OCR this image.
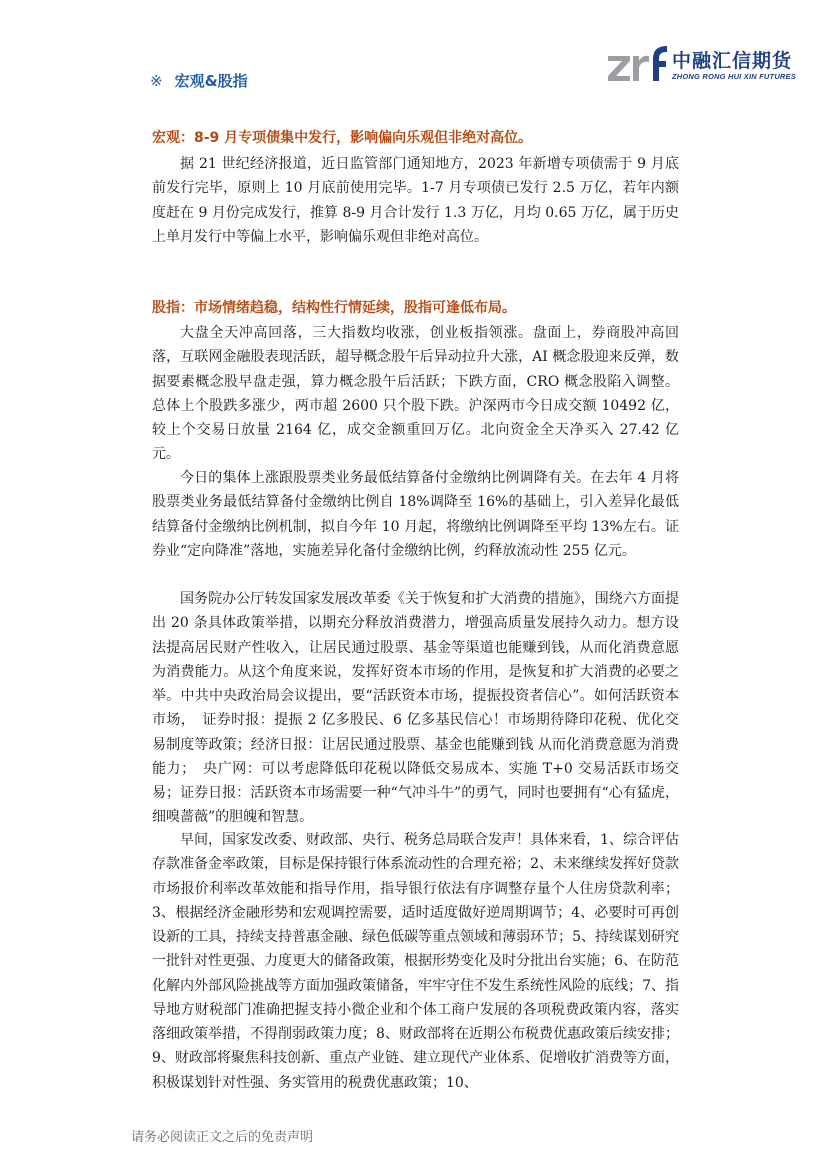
中融汇信期货
ZHONG RONG HUI XIN FUTURES
※ 宏观&股指
宏观：8-9 月专项债集中发行，影响偏向乐观但非绝对高位。

据 21 世纪经济报道，近日监管部门通知地方，2023 年新增专项债需于 9 月底前发行完毕，原则上 10 月底前使用完毕。1-7 月专项债已发行 2.5 万亿，若年内额度赶在 9 月份完成发行，推算 8-9 月合计发行 1.3 万亿，月均 0.65 万亿，属于历史上单月发行中等偏上水平，影响偏乐观但非绝对高位。

股指：市场情绪趋稳，结构性行情延续，股指可逢低布局。

大盘全天冲高回落，三大指数均收涨，创业板指领涨。盘面上，券商股冲高回落，互联网金融股表现活跃，超导概念股午后异动拉升大涨，AI 概念股迎来反弹，数据要素概念股早盘走强，算力概念股午后活跃；下跌方面，CRO 概念股陷入调整。总体上个股跌多涨少，两市超 2600 只个股下跌。沪深两市今日成交额 10492 亿，较上个交易日放量 2164 亿，成交金额重回万亿。北向资金全天净买入 27.42 亿元。

今日的集体上涨跟股票类业务最低结算备付金缴纳比例调降有关。在去年 4 月将股票类业务最低结算备付金缴纳比例自 18%调降至 16%的基础上，引入差异化最低结算备付金缴纳比例机制，拟自今年 10 月起，将缴纳比例调降至平均 13%左右。证券业“定向降准”落地，实施差异化备付金缴纳比例，约释放流动性 255 亿元。

国务院办公厅转发国家发展改革委《关于恢复和扩大消费的措施》，围绕六方面提出 20 条具体政策举措，以期充分释放消费潜力，增强高质量发展持久动力。想方设法提高居民财产性收入，让居民通过股票、基金等渠道也能赚到钱，从而化消费意愿为消费能力。从这个角度来说，发挥好资本市场的作用，是恢复和扩大消费的必要之举。中共中央政治局会议提出，要“活跃资本市场，提振投资者信心”。如何活跃资本市场，　证券时报：提振 2 亿多股民、6 亿多基民信心！市场期待降印花税、优化交易制度等政策；经济日报：让居民通过股票、基金也能赚到钱 从而化消费意愿为消费能力；　央广网：可以考虑降低印花税以降低交易成本、实施 T+0 交易活跃市场交易；证券日报：活跃资本市场需要一种“气冲斗牛”的勇气，同时也要拥有“心有猛虎，细嗅蔷薇”的胆魄和智慧。

早间，国家发改委、财政部、央行、税务总局联合发声！具体来看，1、综合评估存款准备金率政策，目标是保持银行体系流动性的合理充裕；2、未来继续发挥好贷款市场报价利率改革效能和指导作用，指导银行依法有序调整存量个人住房贷款利率；3、根据经济金融形势和宏观调控需要，适时适度做好逆周期调节；4、必要时可再创设新的工具，持续支持普惠金融、绿色低碳等重点领域和薄弱环节；5、持续谋划研究一批针对性更强、力度更大的储备政策，根据形势变化及时分批出台实施；6、在防范化解内外部风险挑战等方面加强政策储备，牢牢守住不发生系统性风险的底线；7、指导地方财税部门准确把握支持小微企业和个体工商户发展的各项税费政策内容，落实落细政策举措，不得削弱政策力度；8、财政部将在近期公布税费优惠政策后续安排；9、财政部将聚焦科技创新、重点产业链、建立现代产业体系、促增收扩消费等方面，积极谋划针对性强、务实管用的税费优惠政策；10、

请务必阅读正文之后的免责声明
